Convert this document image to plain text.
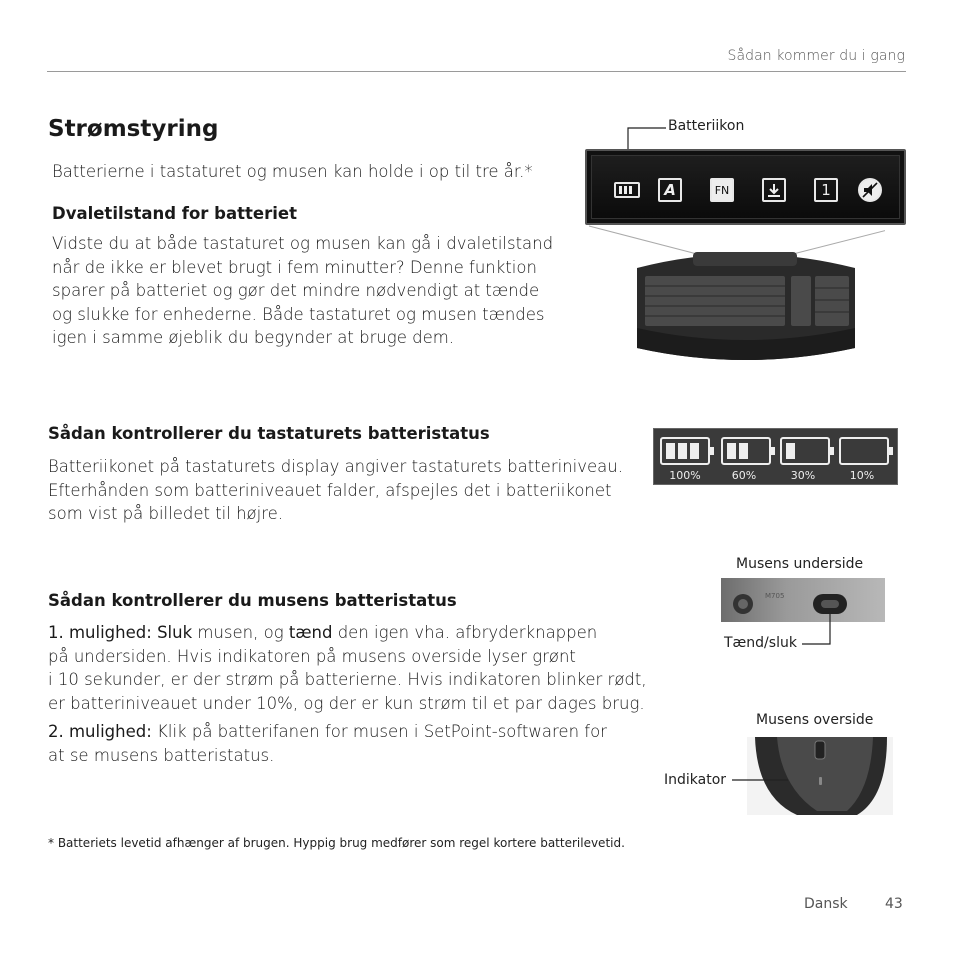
Sådan kommer du i gang
Strømstyring
Batterierne i tastaturet og musen kan holde i op til tre år.*
Dvaletilstand for batteriet
Vidste du at både tastaturet og musen kan gå i dvaletilstand
når de ikke er blevet brugt i fem minutter? Denne funktion
sparer på batteriet og gør det mindre nødvendigt at tænde
og slukke for enhederne. Både tastaturet og musen tændes
igen i samme øjeblik du begynder at bruge dem.
Batteriikon
A	FN	1
Sådan kontrollerer du tastaturets batteristatus
Batteriikonet på tastaturets display angiver tastaturets batteriniveau.
Efterhånden som batteriniveauet falder, afspejles det i batteriikonet
som vist på billedet til højre.
100%	60%	30%	10%
Musens underside
M705
Tænd/sluk
Musens overside
Indikator
Sådan kontrollerer du musens batteristatus
1. mulighed: Sluk musen, og tænd den igen vha. afbryderknappen
på undersiden. Hvis indikatoren på musens overside lyser grønt
i 10 sekunder, er der strøm på batterierne. Hvis indikatoren blinker rødt,
er batteriniveauet under 10%, og der er kun strøm til et par dages brug.
2. mulighed: Klik på batterifanen for musen i SetPoint-softwaren for
at se musens batteristatus.
* Batteriets levetid afhænger af brugen. Hyppig brug medfører som regel kortere batterilevetid.
Dansk	43
